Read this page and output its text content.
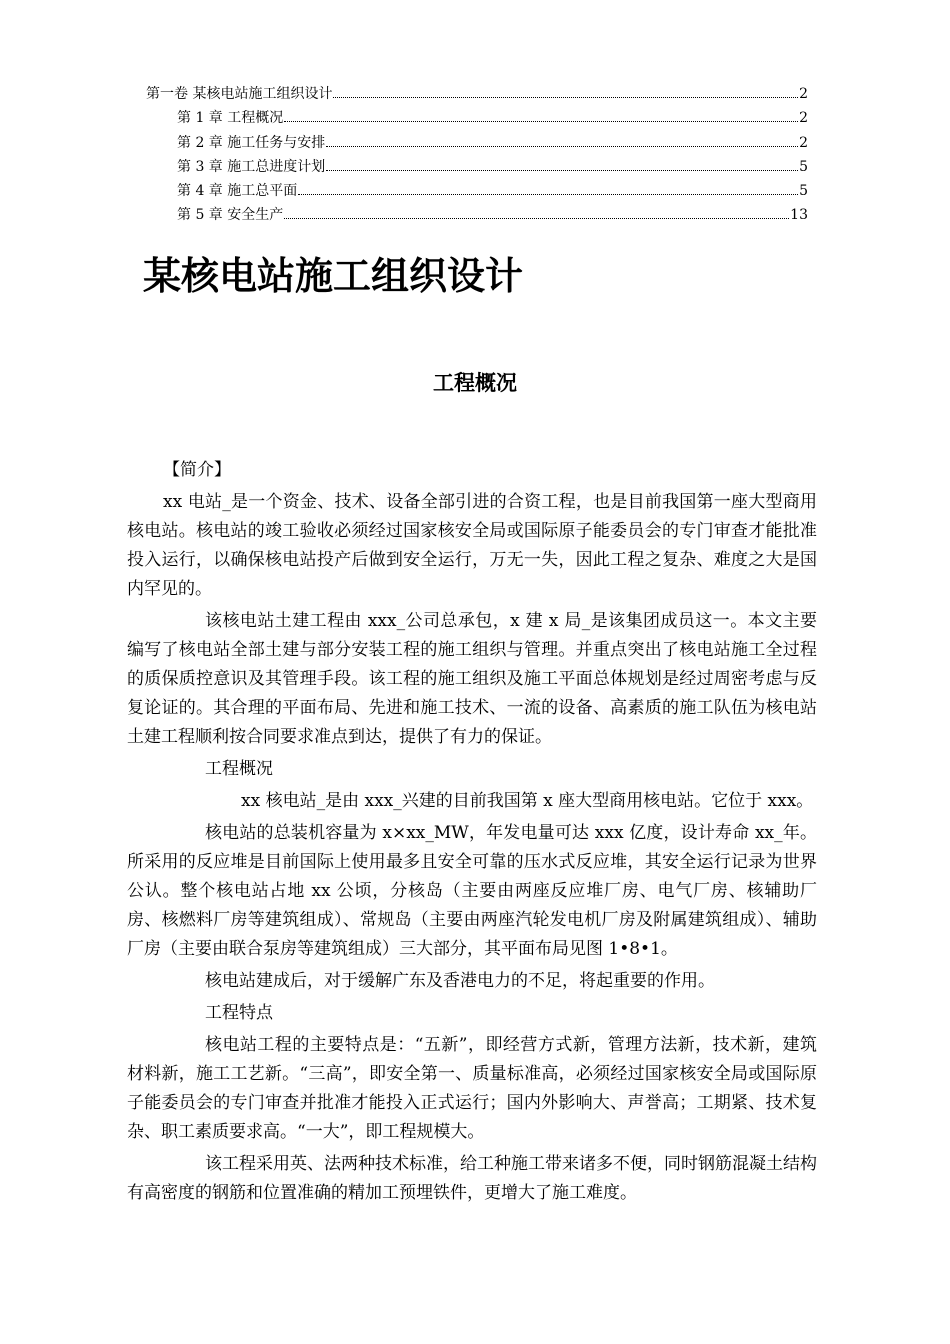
第一卷 某核电站施工组织设计	2
第 1 章 工程概况	2
第 2 章 施工任务与安排	2
第 3 章 施工总进度计划	5
第 4 章 施工总平面	5
第 5 章 安全生产	13
某核电站施工组织设计
工程概况

【简介】

xx 电站_是一个资金、技术、设备全部引进的合资工程，也是目前我国第一座大型商用核电站。核电站的竣工验收必须经过国家核安全局或国际原子能委员会的专门审查才能批准投入运行，以确保核电站投产后做到安全运行，万无一失，因此工程之复杂、难度之大是国内罕见的。

该核电站土建工程由 xxx_公司总承包，x 建 x 局_是该集团成员这一。本文主要编写了核电站全部土建与部分安装工程的施工组织与管理。并重点突出了核电站施工全过程的质保质控意识及其管理手段。该工程的施工组织及施工平面总体规划是经过周密考虑与反复论证的。其合理的平面布局、先进和施工技术、一流的设备、高素质的施工队伍为核电站土建工程顺利按合同要求准点到达，提供了有力的保证。

工程概况

xx 核电站_是由 xxx_兴建的目前我国第 x 座大型商用核电站。它位于 xxx。

核电站的总装机容量为 x×xx_MW，年发电量可达 xxx 亿度，设计寿命 xx_年。所采用的反应堆是目前国际上使用最多且安全可靠的压水式反应堆，其安全运行记录为世界公认。整个核电站占地 xx 公顷，分核岛（主要由两座反应堆厂房、电气厂房、核辅助厂房、核燃料厂房等建筑组成）、常规岛（主要由两座汽轮发电机厂房及附属建筑组成）、辅助厂房（主要由联合泵房等建筑组成）三大部分，其平面布局见图 1•8•1。

核电站建成后，对于缓解广东及香港电力的不足，将起重要的作用。

工程特点

核电站工程的主要特点是：“五新”，即经营方式新，管理方法新，技术新，建筑材料新，施工工艺新。“三高”，即安全第一、质量标准高，必须经过国家核安全局或国际原子能委员会的专门审查并批准才能投入正式运行；国内外影响大、声誉高；工期紧、技术复杂、职工素质要求高。“一大”，即工程规模大。

该工程采用英、法两种技术标准，给工种施工带来诸多不便，同时钢筋混凝土结构有高密度的钢筋和位置准确的精加工预埋铁件，更增大了施工难度。
